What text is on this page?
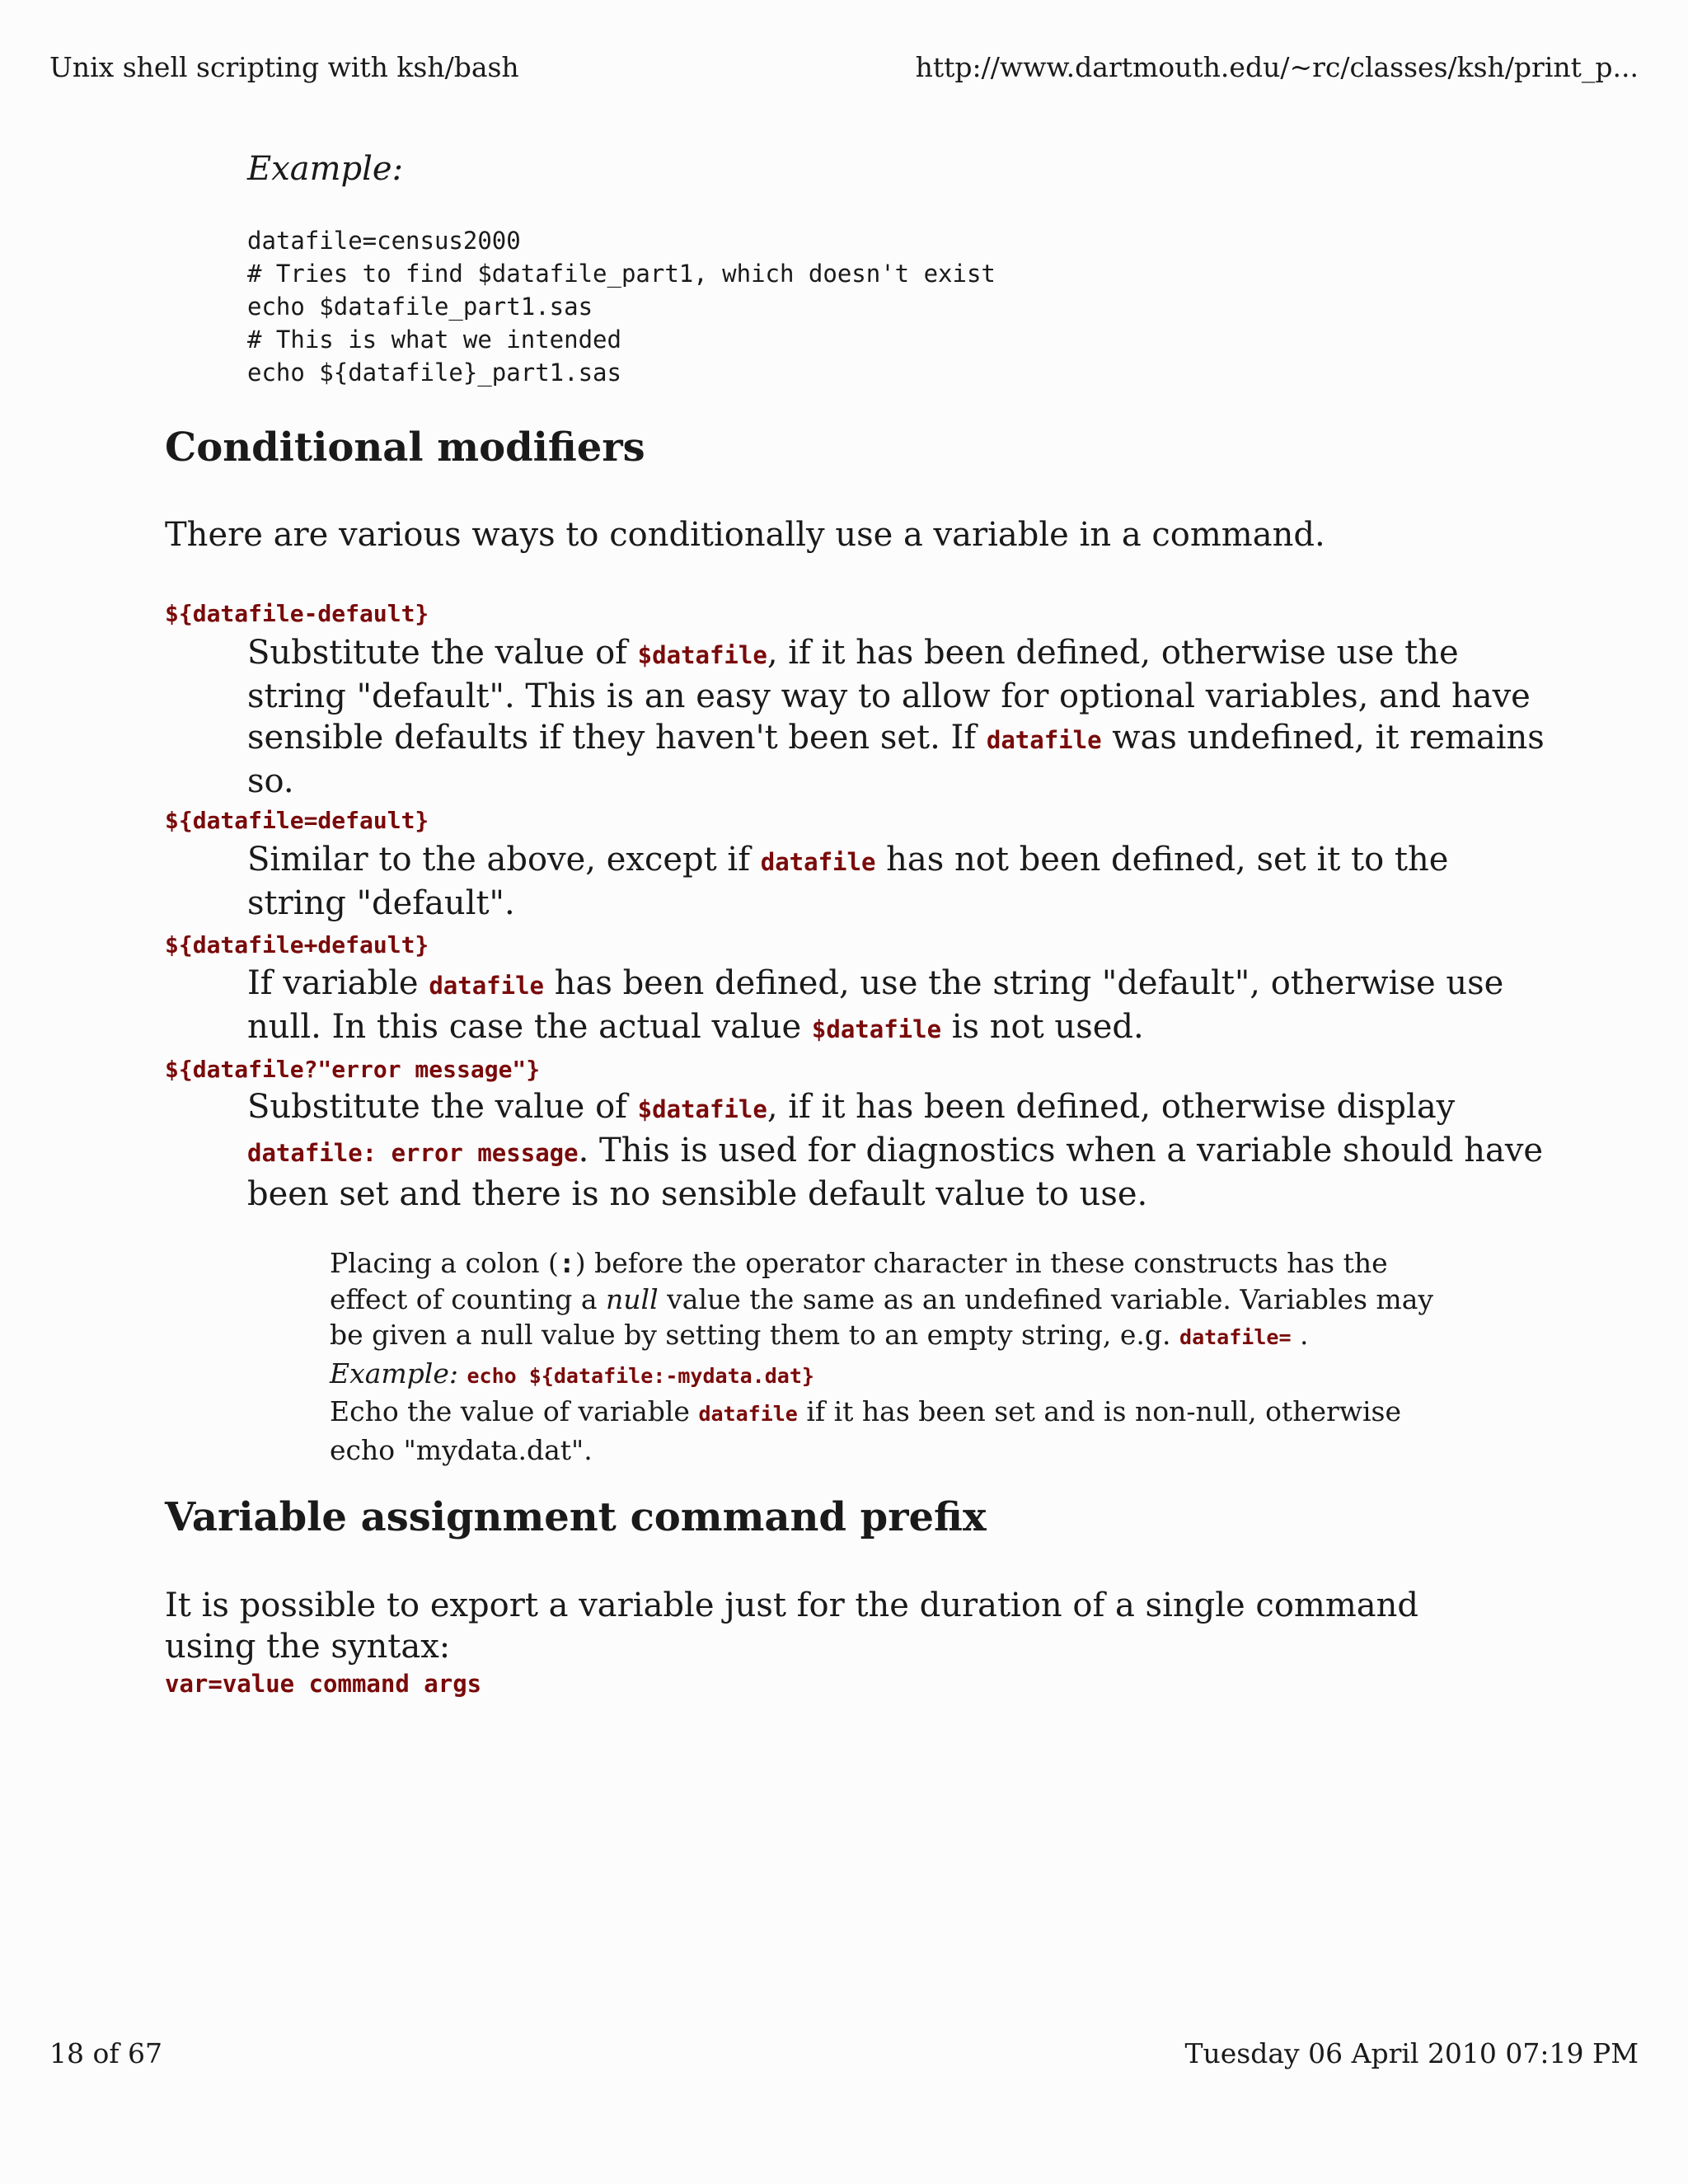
Unix shell scripting with ksh/bash	http://www.dartmouth.edu/~rc/classes/ksh/print_p...

Example:

datafile=census2000
# Tries to find $datafile_part1, which doesn't exist
echo $datafile_part1.sas
# This is what we intended
echo ${datafile}_part1.sas
Conditional modifiers

There are various ways to conditionally use a variable in a command.

${datafile-default}

Substitute the value of $datafile, if it has been defined, otherwise use the string "default". This is an easy way to allow for optional variables, and have sensible defaults if they haven't been set. If datafile was undefined, it remains so.

${datafile=default}

Similar to the above, except if datafile has not been defined, set it to the string "default".

${datafile+default}

If variable datafile has been defined, use the string "default", otherwise use null. In this case the actual value $datafile is not used.

${datafile?"error message"}

Substitute the value of $datafile, if it has been defined, otherwise display datafile: error message. This is used for diagnostics when a variable should have been set and there is no sensible default value to use.

Placing a colon (:) before the operator character in these constructs has the effect of counting a null value the same as an undefined variable. Variables may be given a null value by setting them to an empty string, e.g. datafile= .
Example: echo ${datafile:-mydata.dat}
Echo the value of variable datafile if it has been set and is non-null, otherwise echo "mydata.dat".

Variable assignment command prefix

It is possible to export a variable just for the duration of a single command using the syntax:

var=value command args

18 of 67	Tuesday 06 April 2010 07:19 PM
